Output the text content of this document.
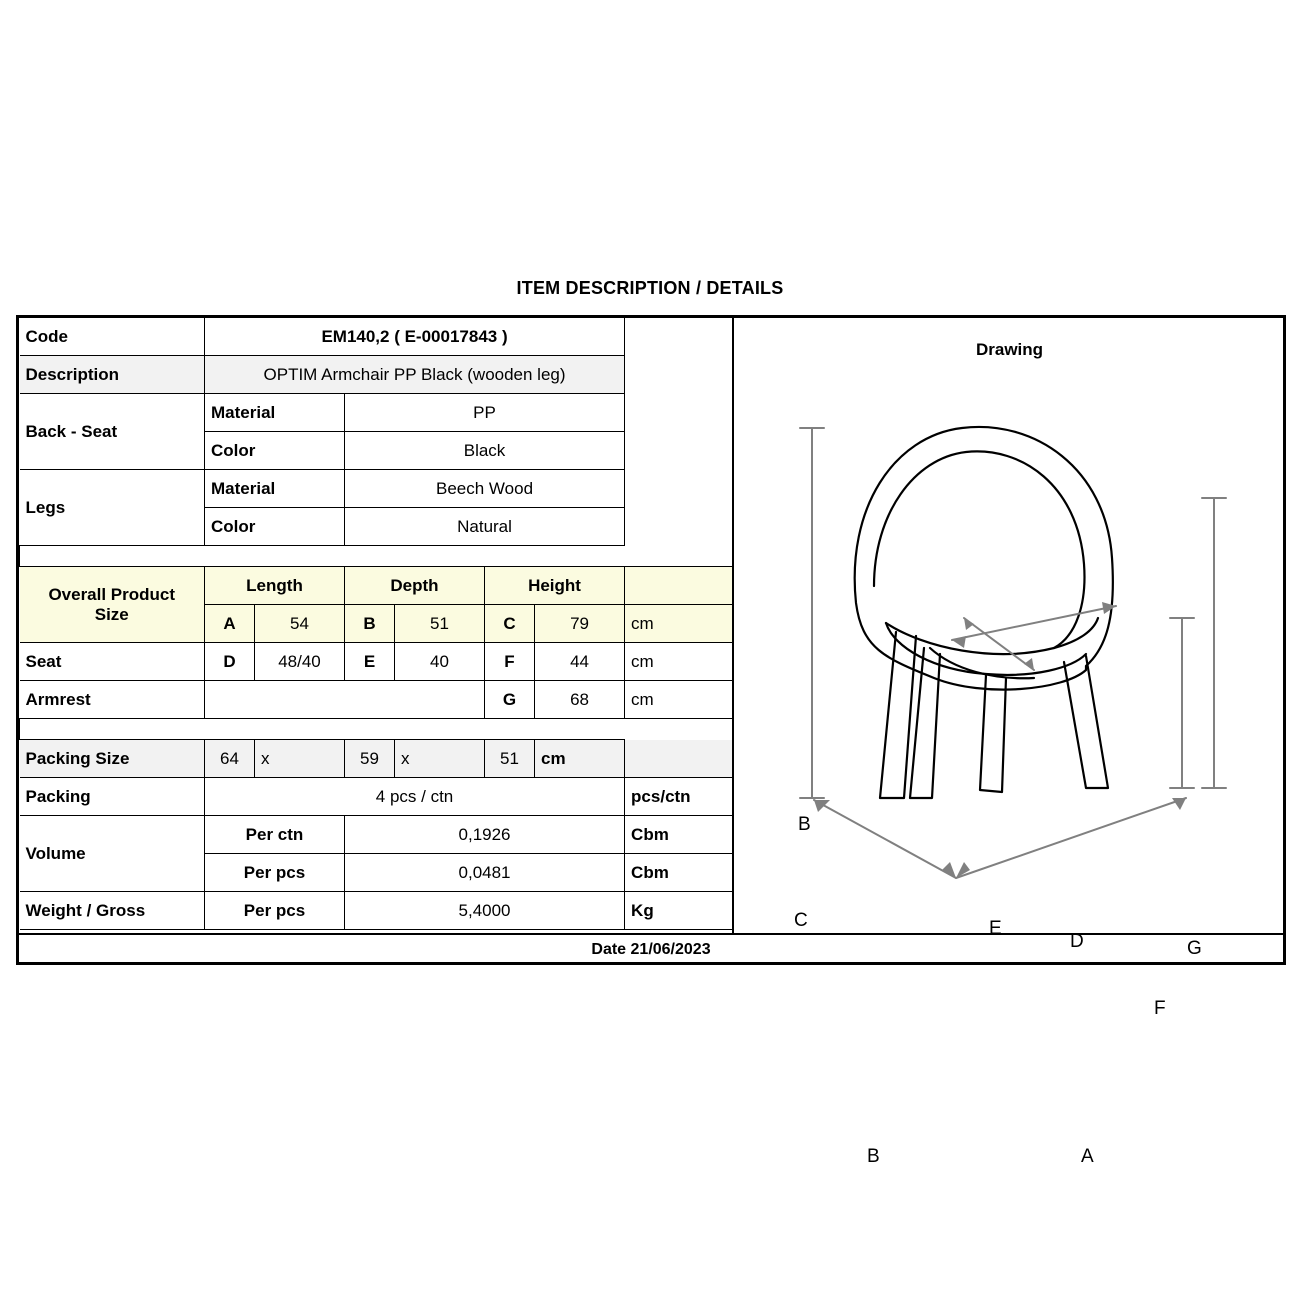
ITEM DESCRIPTION / DETAILS
Code	EM140,2 ( E-00017843 )						
Description	OPTIM Armchair PP Black (wooden leg)						
Back - Seat	Material		PP				
	Color		Black				
Legs	Material		Beech Wood				
	Color		Natural				

Overall Product
Size	Length		Depth		Height		
	A	54	B	51	C	79	cm
Seat	D	48/40	E	40	F	44	cm
Armrest					G	68	cm

Packing Size	64	x	59	x	51	cm	
Packing	4 pcs / ctn						pcs/ctn
Volume	Per ctn		0,1926				Cbm
	Per pcs		0,0481				Cbm
Weight / Gross	Per pcs		5,4000				Kg
Drawing
B
C
G
F
E
D
B	A
Date 21/06/2023
